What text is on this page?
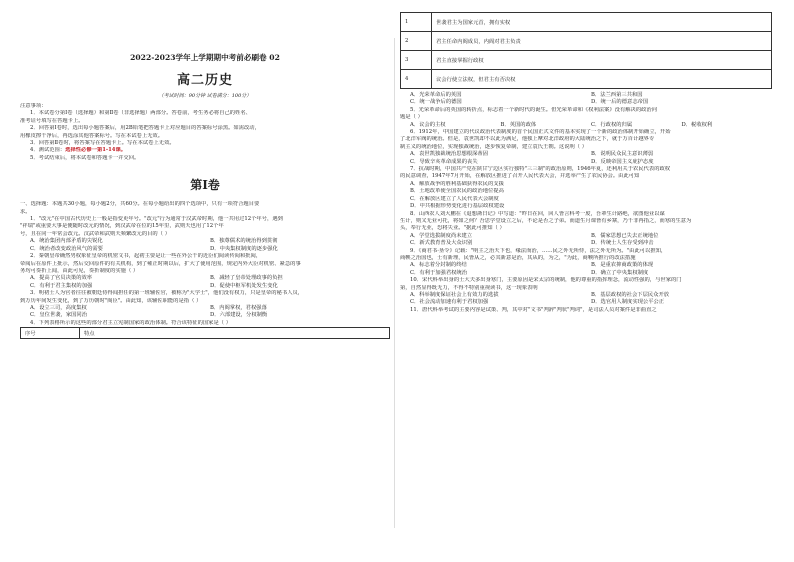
2022-2023学年上学期期中考前必刷卷 02
高二历史
（考试时间：90分钟 试卷满分：100分）
注意事项：
1．本试卷分第Ⅰ卷（选择题）和第Ⅱ卷（非选择题）两部分。答卷前，考生务必将自己的姓名、
准考证号填写在答题卡上。
2．回答第Ⅰ卷时，选出每小题答案后，用2B铅笔把答题卡上对应题目的答案标号涂黑。如需改动，
用橡皮擦干净后，再选涂其他答案标号。写在本试卷上无效。
3．回答第Ⅱ卷时，将答案写在答题卡上。写在本试卷上无效。
4．测试范围：选择性必修一第1-14课。
5．考试结束后，将本试卷和答题卡一并交回。
第Ⅰ卷
一、选择题：本题共30小题，每小题2分，共60分。在每小题给出的四个选项中，只有一项符合题目要
求。
1．"改元"在中国古代历史上一般是指变更年号。"改元"行为通常于汉武帝时期，他一共用过12个年号，遇到
"祥瑞"或重要大事是便随时改元的情况，到汉武帝在位的15年里，武则天也用了12个年
号，且在同一年常会改元。汉武帝和武则天频繁改元的目的（ ）
A．统治集团内部矛盾的尖锐化	B．独尊儒术的统治得到贯彻
C．统治者改变政治风气的需要	D．中央集权制度的逐步强化
2．秦朝皇帝确然男权象征皇帝的机密文书，起初主要是让一些在外公干的近臣们阅读传阅和批阅，
帝阅后在原件上批示，然后交回原件的有关机构，到了雍正时期以后，扩大了使用范围，规定内外大臣对机密、紧急的事
务均可奏折上闻，由此可见，奏折制度的实施（ ）
A．提高了官员决策的效率	B．减轻了皇帝处理政事的负担
C．有利于君主集权的加强	D．促使中枢军机处发生变化
3．明初士人为官者往往被朝廷侍得闻担任的第一班辅佐官，被称为"大学士"，他们没有权力，只是皇帝的秘书人员，
到万历年间发生变化，到了万历朝时"阁臣"。由此知，该辅佐职能的是指（ ）
A．设立三司，高度集权	B．内阁掌权，君权强落
C．皇位世袭，家国同治	D．六部建设，分权制衡
4．下列表格所示的这些的部分君主立宪制国家的政治体制。符合该特征的国家是（ ）
序号	特点
1	世袭君主为国家元首，拥有实权
2	君主任命内阁成员，内阁对君主负责
3	君主直接掌握行政权
4	议会行使立法权，但君主有否决权
A．光荣革命后的英国	B．法兰西第三共和国
C．统一战争后的德国	D．统一后的德意志帝国
5．光荣革命后的英国的转折点，标志着一个新时代的诞生。但光荣革命和《权利法案》没有解决的政治问
题是（ ）
A．议会的主权	B．英国的政体	C．行政权的归属	D．税收权利
6．1912年，中国建立的代议政治代表制度的首个民国正式文件的基本实现了一个新的政治体制开始确立，开始
了北洋军阀的统治。但是，袁世凯却不以此为满足，他独上摩对北洋政府的大陆统治之下，就于万百计越界专
制主义的统治地位，实现独裁统治，逐步恢复帝制，建立袁氏王朝。这说明（ ）
A．袁世凯独裁统治思想根深蒂固	B．说明民众民主意识薄弱
C．导致辛亥革命成果的丧失	D．反映帝国主义庇护态度
7．抗战时期，中国共产党在陕甘宁边区实行独特"三三制"的政治原则，1946年夏，还利用关于农民代表的政权
的民意调查，1947年7月开始，在解放区推进了召开人民代表大会，并选举产生了农民协会。由此可知
A．解放战争的胜利基础获得农民的支援
B．土地改革使全国农民的政治地位提高
C．在解放区建立了人民代表大会制度
D．中共根据形势变化进行基层政权建设
8．山西农人刘大鹏在《退想斋日记》中写道："昨日在回，回人皆言科考一废，吾辈生计路绝，欲图他业以谋
生计，则又无业可托，将如之何？吾思学堂设立之后，不论是否之子弟。而道生月课皆有乡寨，乃千非再指之，而寒的生意为
头，奉行无业，恐将失业。"据此可推知（ ）
A．学堂选拔制度尚未建立	B．儒家思想已失去正统地位
C．新式教育普及大众识别	D．传统士人生存受到冲击
9．《商君书·垦令》记载："明主之治天下也，缘法而治，……民之外无所恃，法之外无所为。"由此可以推知，
商鞅之治国也，士有新理，民皆从之，必其新意是治，其从的，为之，"为此，商鞅所推行的改法措施
A．标志着分封制的终结	B．是重农抑商政策的体现
C．有利于加强君权统治	D．确立了中央集权制度
10．宋代科举出身的士大夫多出身寒门，主要原因是宋太宗的统制，他的尊重的指挥理念，流动性强的，与世家的门
第，自然显得既无力，不得不特别重视读书，这一现象表明
A．科举制度保证社会上有效力的选拔	B．基层政权的社会下层民众开放
C．社会流动加速有利于君权加强	D．选官用人制度实现公平公正
11．唐代科举考试的主要内容是试策、判，其中对"文书"判辞"判状"判词"，是司法人员对案件是非曲直之
